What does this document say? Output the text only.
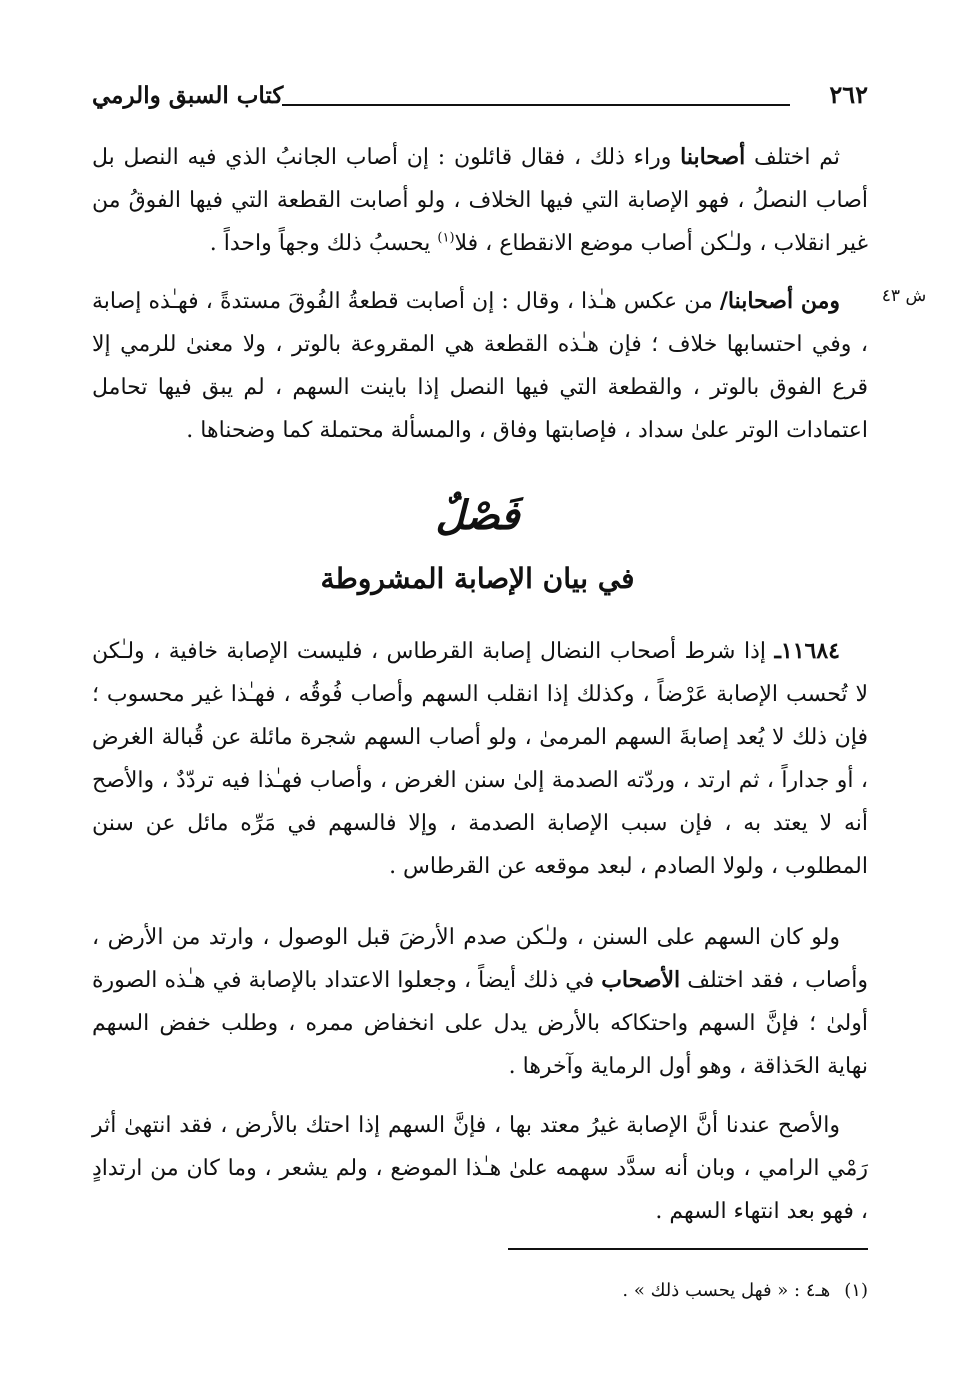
٢٦٢
كتاب السبق والرمي

ثم اختلف أصحابنا وراء ذلك ، فقال قائلون : إن أصاب الجانبُ الذي فيه النصل بل أصاب النصلُ ، فهو الإصابة التي فيها الخلاف ، ولو أصابت القطعة التي فيها الفوقُ من غير انقلاب ، ولـٰكن أصاب موضع الانقطاع ، فلا$^{(١)}$ يحسبُ ذلك وجهاً واحداً .

ش ٤٣

ومن أصحابنا/ من عكس هـٰذا ، وقال : إن أصابت قطعةُ الفُوقَ مستدةً ، فهـٰذه إصابة ، وفي احتسابها خلاف ؛ فإن هـٰذه القطعة هي المقروعة بالوتر ، ولا معنىٰ للرمي إلا قرع الفوق بالوتر ، والقطعة التي فيها النصل إذا باينت السهم ، لم يبق فيها تحامل اعتمادات الوتر علىٰ سداد ، فإصابتها وفاق ، والمسألة محتملة كما وضحناها .

فَصْلٌ
في بيان الإصابة المشروطة

١١٦٨٤ـ إذا شرط أصحاب النضال إصابة القرطاس ، فليست الإصابة خافية ، ولـٰكن لا تُحسب الإصابة عَرْضاً ، وكذلك إذا انقلب السهم وأصاب فُوقُه ، فهـٰذا غير محسوب ؛ فإن ذلك لا يُعد إصابةَ السهم المرمىٰ ، ولو أصاب السهم شجرة مائلة عن قُبالة الغرض ، أو جداراً ، ثم ارتد ، وردّته الصدمة إلىٰ سنن الغرض ، وأصاب فهـٰذا فيه تردّدٌ ، والأصح أنه لا يعتد به ، فإن سبب الإصابة الصدمة ، وإلا فالسهم في مَرِّه مائل عن سنن المطلوب ، ولولا الصادم ، لبعد موقعه عن القرطاس .

ولو كان السهم على السنن ، ولـٰكن صدم الأرضَ قبل الوصول ، وارتد من الأرض ، وأصاب ، فقد اختلف الأصحاب في ذلك أيضاً ، وجعلوا الاعتداد بالإصابة في هـٰذه الصورة أولىٰ ؛ فإنَّ السهم واحتكاكه بالأرض يدل على انخفاض ممره ، وطلب خفض السهم نهاية الحَذاقة ، وهو أول الرماية وآخرها .

والأصح عندنا أنَّ الإصابة غيرُ معتد بها ، فإنَّ السهم إذا احتك بالأرض ، فقد انتهىٰ أثر رَمْي الرامي ، وبان أنه سدَّد سهمه علىٰ هـٰذا الموضع ، ولم يشعر ، وما كان من ارتدادٍ ، فهو بعد انتهاء السهم .

(١)هـ٤ : « فهل يحسب ذلك » .
